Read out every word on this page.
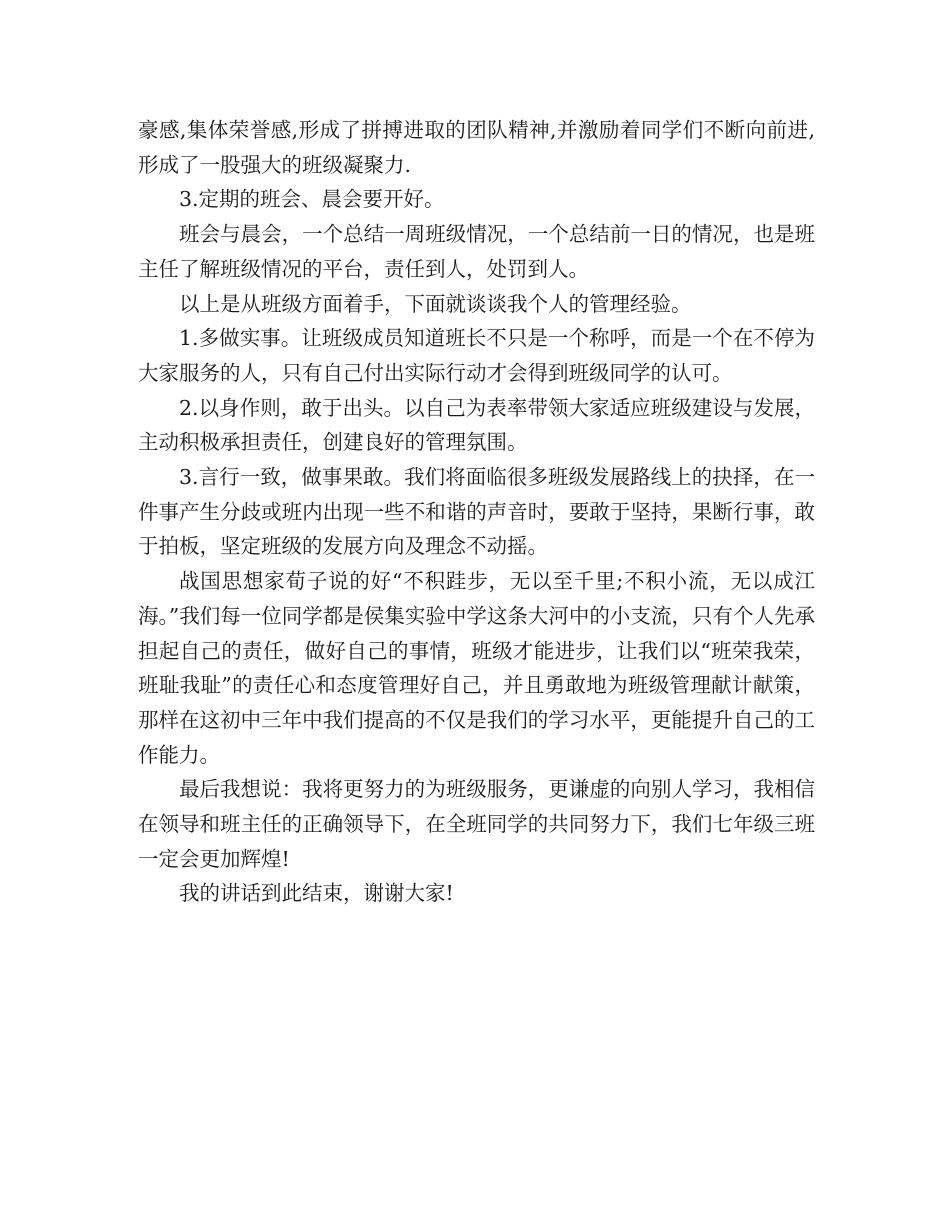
豪感,集体荣誉感,形成了拼搏进取的团队精神,并激励着同学们不断向前进,形成了一股强大的班级凝聚力.

3.定期的班会、晨会要开好。

班会与晨会，一个总结一周班级情况，一个总结前一日的情况，也是班主任了解班级情况的平台，责任到人，处罚到人。

以上是从班级方面着手，下面就谈谈我个人的管理经验。

1.多做实事。让班级成员知道班长不只是一个称呼，而是一个在不停为大家服务的人，只有自己付出实际行动才会得到班级同学的认可。

2.以身作则，敢于出头。以自己为表率带领大家适应班级建设与发展，主动积极承担责任，创建良好的管理氛围。

3.言行一致，做事果敢。我们将面临很多班级发展路线上的抉择，在一件事产生分歧或班内出现一些不和谐的声音时，要敢于坚持，果断行事，敢于拍板，坚定班级的发展方向及理念不动摇。

战国思想家荀子说的好“不积跬步，无以至千里;不积小流，无以成江海。”我们每一位同学都是侯集实验中学这条大河中的小支流，只有个人先承担起自己的责任，做好自己的事情，班级才能进步，让我们以“班荣我荣，班耻我耻”的责任心和态度管理好自己，并且勇敢地为班级管理献计献策，那样在这初中三年中我们提高的不仅是我们的学习水平，更能提升自己的工作能力。

最后我想说：我将更努力的为班级服务，更谦虚的向别人学习，我相信在领导和班主任的正确领导下，在全班同学的共同努力下，我们七年级三班一定会更加辉煌!

我的讲话到此结束，谢谢大家!
